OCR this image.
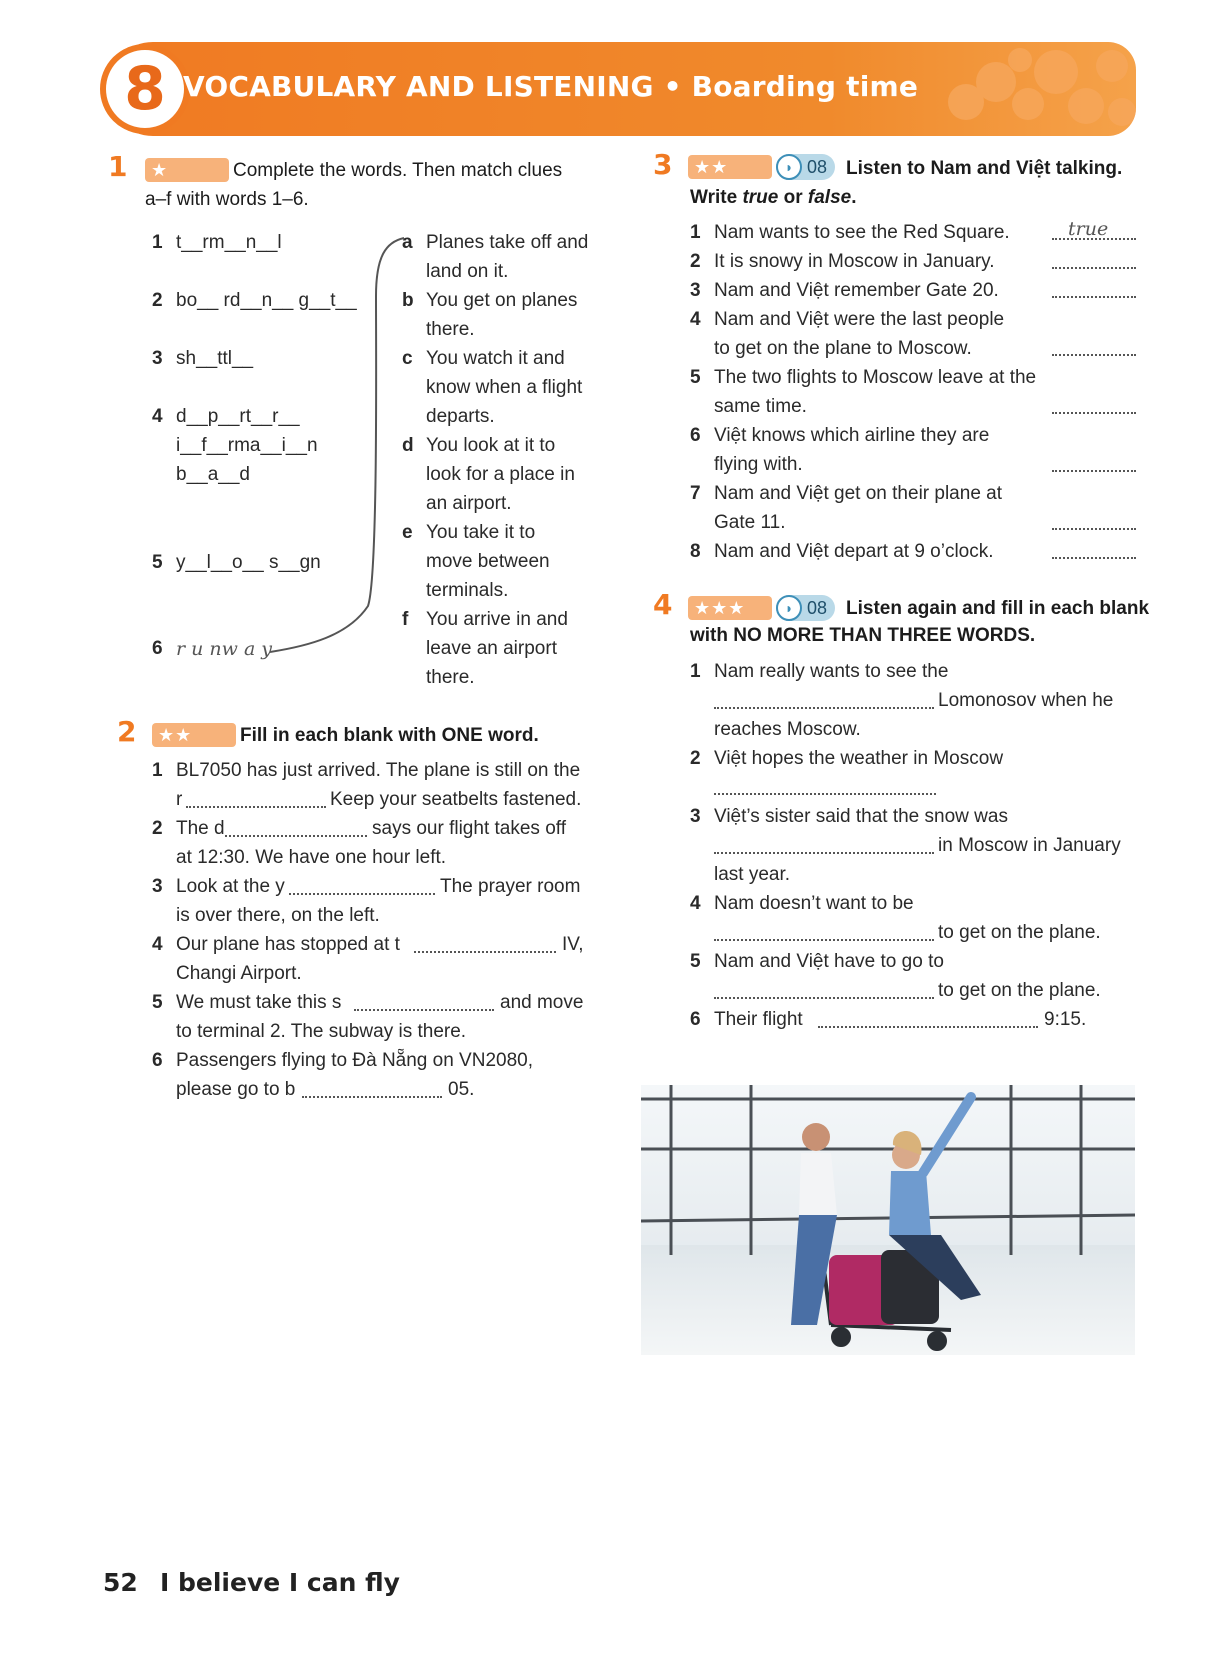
8 VOCABULARY AND LISTENING • Boarding time
1	★	Complete the words. Then match clues
a–f with words 1–6.
1 t__rm__n__l
2 bo__ rd__n__ g__t__
3 sh__ttl__
4 d__p__rt__r__
i__f__rma__i__n
b__a__d
5 y__l__o__ s__gn
6 r u nw a y
a Planes take off and
land on it.
b You get on planes
there.
c You watch it and
know when a flight
departs.
d You look at it to
look for a place in
an airport.
e You take it to
move between
terminals.
f You arrive in and
leave an airport
there.
2	★★	Fill in each blank with ONE word.
1 BL7050 has just arrived. The plane is still on the
r	Keep your seatbelts fastened.
2 The d	says our flight takes off
at 12:30. We have one hour left.
3 Look at the y	The prayer room
is over there, on the left.
4 Our plane has stopped at t	IV,
Changi Airport.
5 We must take this s	and move
to terminal 2. The subway is there.
6 Passengers flying to Đà Nẵng on VN2080,
please go to b	05.
3	★★	◗ 08 Listen to Nam and Việt talking.
Write true or false.
1 Nam wants to see the Red Square.	true
2 It is snowy in Moscow in January.
3 Nam and Việt remember Gate 20.
4 Nam and Việt were the last people
to get on the plane to Moscow.
5 The two flights to Moscow leave at the
same time.
6 Việt knows which airline they are
flying with.
7 Nam and Việt get on their plane at
Gate 11.
8 Nam and Việt depart at 9 o’clock.
4	★★★	◗ 08 Listen again and fill in each blank
with NO MORE THAN THREE WORDS.
1 Nam really wants to see the
Lomonosov when he
reaches Moscow.
2 Việt hopes the weather in Moscow
3 Việt’s sister said that the snow was
in Moscow in January
last year.
4 Nam doesn’t want to be
to get on the plane.
5 Nam and Việt have to go to
to get on the plane.
6 Their flight	9:15.
52 I believe I can fly
